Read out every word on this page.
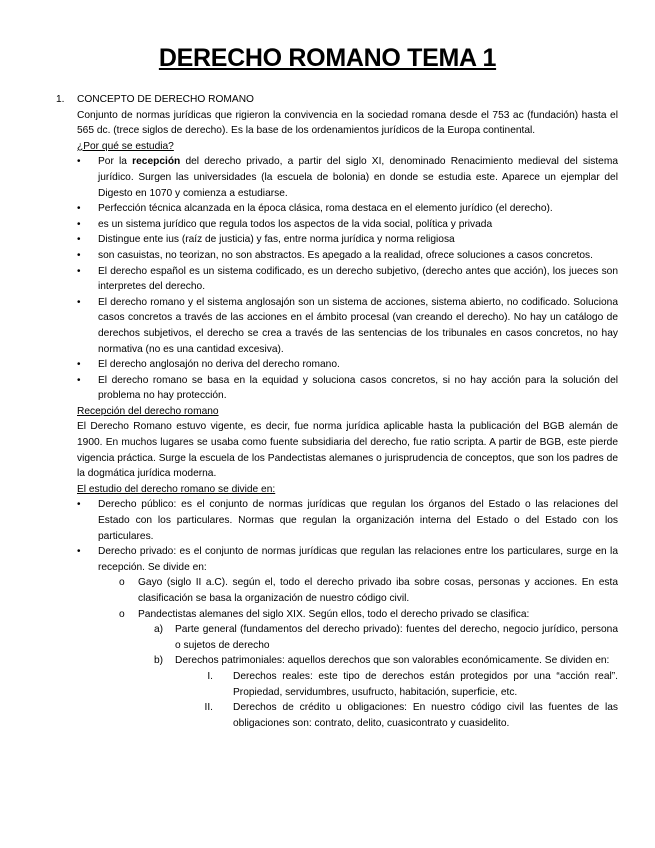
DERECHO ROMANO TEMA 1
1.	CONCEPTO DE DERECHO ROMANO
Conjunto de normas jurídicas que rigieron la convivencia en la sociedad romana desde el 753 ac (fundación) hasta el 565 dc. (trece siglos de derecho). Es la base de los ordenamientos jurídicos de la Europa continental.
¿Por qué se estudia?
•	Por la recepción del derecho privado, a partir del siglo XI, denominado Renacimiento medieval del sistema jurídico. Surgen las universidades (la escuela de bolonia) en donde se estudia este. Aparece un ejemplar del Digesto en 1070 y comienza a estudiarse.
•	Perfección técnica alcanzada en la época clásica, roma destaca en el elemento jurídico (el derecho).
•	es un sistema jurídico que regula todos los aspectos de la vida social, política y privada
•	Distingue ente ius (raíz de justicia) y fas, entre norma jurídica y norma religiosa
•	son casuistas, no teorizan, no son abstractos. Es apegado a la realidad, ofrece soluciones a casos concretos.
•	El derecho español es un sistema codificado, es un derecho subjetivo, (derecho antes que acción), los jueces son interpretes del derecho.
•	El derecho romano y el sistema anglosajón son un sistema de acciones, sistema abierto, no codificado. Soluciona casos concretos a través de las acciones en el ámbito procesal (van creando el derecho). No hay un catálogo de derechos subjetivos, el derecho se crea a través de las sentencias de los tribunales en casos concretos, no hay normativa (no es una cantidad excesiva).
•	El derecho anglosajón no deriva del derecho romano.
•	El derecho romano se basa en la equidad y soluciona casos concretos, si no hay acción para la solución del problema no hay protección.
Recepción del derecho romano
El Derecho Romano estuvo vigente, es decir, fue norma jurídica aplicable hasta la publicación del BGB alemán de 1900. En muchos lugares se usaba como fuente subsidiaria del derecho, fue ratio scripta. A partir de BGB, este pierde vigencia práctica. Surge la escuela de los Pandectistas alemanes o jurisprudencia de conceptos, que son los padres de la dogmática jurídica moderna.
El estudio del derecho romano se divide en:
•	Derecho público: es el conjunto de normas jurídicas que regulan los órganos del Estado o las relaciones del Estado con los particulares. Normas que regulan la organización interna del Estado o del Estado con los particulares.
•	Derecho privado: es el conjunto de normas jurídicas que regulan las relaciones entre los particulares, surge en la recepción. Se divide en:
o	Gayo (siglo II a.C). según el, todo el derecho privado iba sobre cosas, personas y acciones. En esta clasificación se basa la organización de nuestro código civil.
o	Pandectistas alemanes del siglo XIX. Según ellos, todo el derecho privado se clasifica:
a)	Parte general (fundamentos del derecho privado): fuentes del derecho, negocio jurídico, persona o sujetos de derecho
b)	Derechos patrimoniales: aquellos derechos que son valorables económicamente. Se dividen en:
I.	Derechos reales: este tipo de derechos están protegidos por una “acción real”. Propiedad, servidumbres, usufructo, habitación, superficie, etc.
II.	Derechos de crédito u obligaciones: En nuestro código civil las fuentes de las obligaciones son: contrato, delito, cuasicontrato y cuasidelito.
